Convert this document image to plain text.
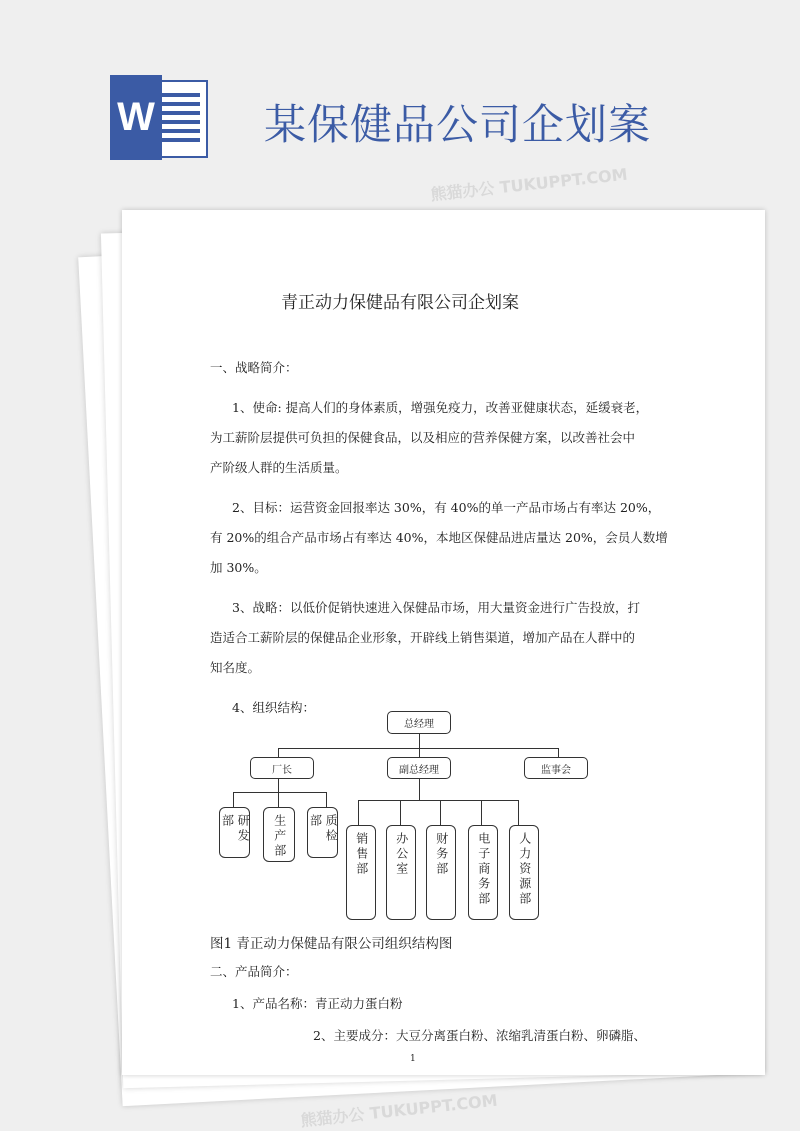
W	某保健品公司企划案
青正动力保健品有限公司企划案
一、战略简介：
1、使命: 提高人们的身体素质，增强免疫力，改善亚健康状态，延缓衰老，
为工薪阶层提供可负担的保健食品，以及相应的营养保健方案，以改善社会中
产阶级人群的生活质量。
2、目标：运营资金回报率达 30%，有 40%的单一产品市场占有率达 20%，
有 20%的组合产品市场占有率达 40%，本地区保健品进店量达 20%，会员人数增
加 30%。
3、战略：以低价促销快速进入保健品市场，用大量资金进行广告投放，打
造适合工薪阶层的保健品企业形象，开辟线上销售渠道，增加产品在人群中的
知名度。
4、组织结构：
图1 青正动力保健品有限公司组织结构图
二、产品简介：
1、产品名称：青正动力蛋白粉
2、主要成分：大豆分离蛋白粉、浓缩乳清蛋白粉、卵磷脂、
1
总经理
厂长	副总经理	监事会
研发部	生产部	质检部
销售部	办公室	财务部	电子商务部	人力资源部
熊猫办公 TUKUPPT.COM
熊猫办公 TUKUPPT.COM
